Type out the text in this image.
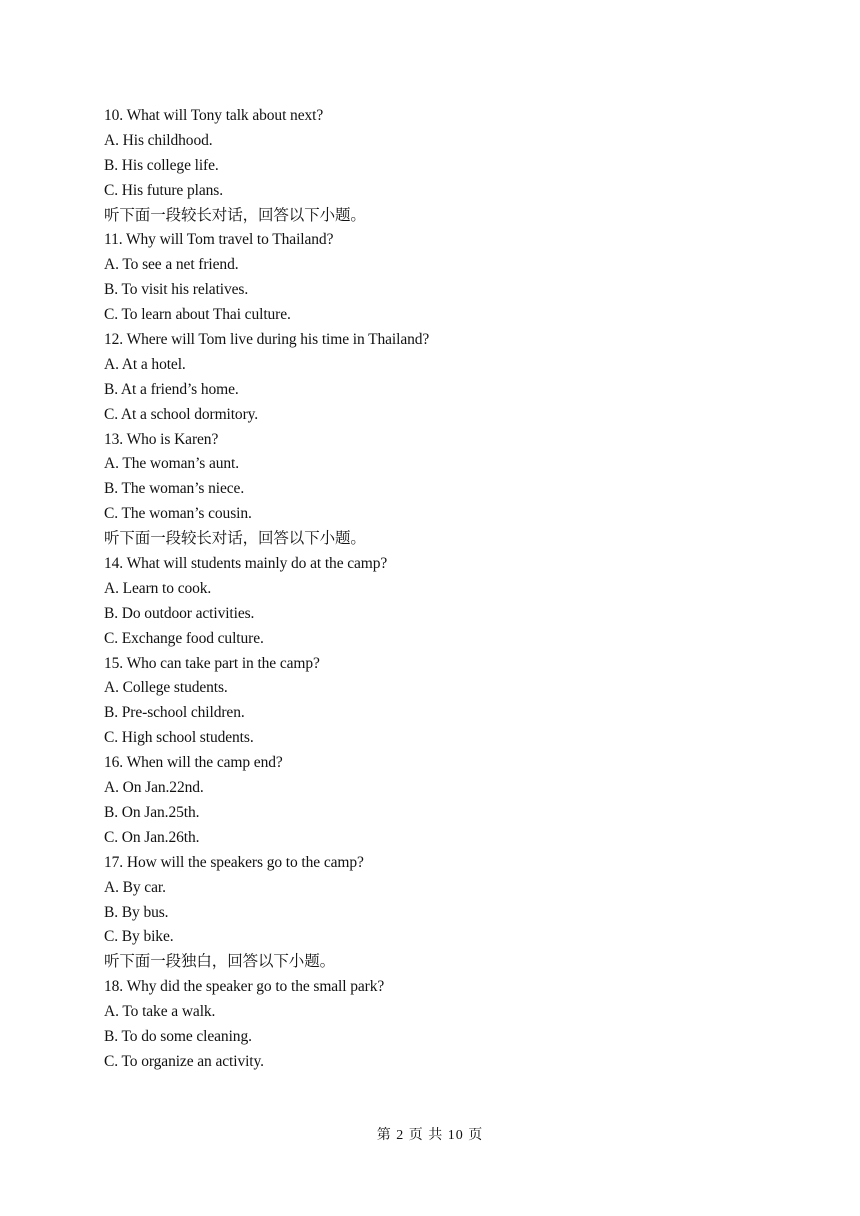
10. What will Tony talk about next?
A. His childhood.
B. His college life.
C. His future plans.
听下面一段较长对话，回答以下小题。
11. Why will Tom travel to Thailand?
A. To see a net friend.
B. To visit his relatives.
C. To learn about Thai culture.
12. Where will Tom live during his time in Thailand?
A. At a hotel.
B. At a friend’s home.
C. At a school dormitory.
13. Who is Karen?
A. The woman’s aunt.
B. The woman’s niece.
C. The woman’s cousin.
听下面一段较长对话，回答以下小题。
14. What will students mainly do at the camp?
A. Learn to cook.
B. Do outdoor activities.
C. Exchange food culture.
15. Who can take part in the camp?
A. College students.
B. Pre-school children.
C. High school students.
16. When will the camp end?
A. On Jan.22nd.
B. On Jan.25th.
C. On Jan.26th.
17. How will the speakers go to the camp?
A. By car.
B. By bus.
C. By bike.
听下面一段独白，回答以下小题。
18. Why did the speaker go to the small park?
A. To take a walk.
B. To do some cleaning.
C. To organize an activity.
第 2 页 共 10 页
